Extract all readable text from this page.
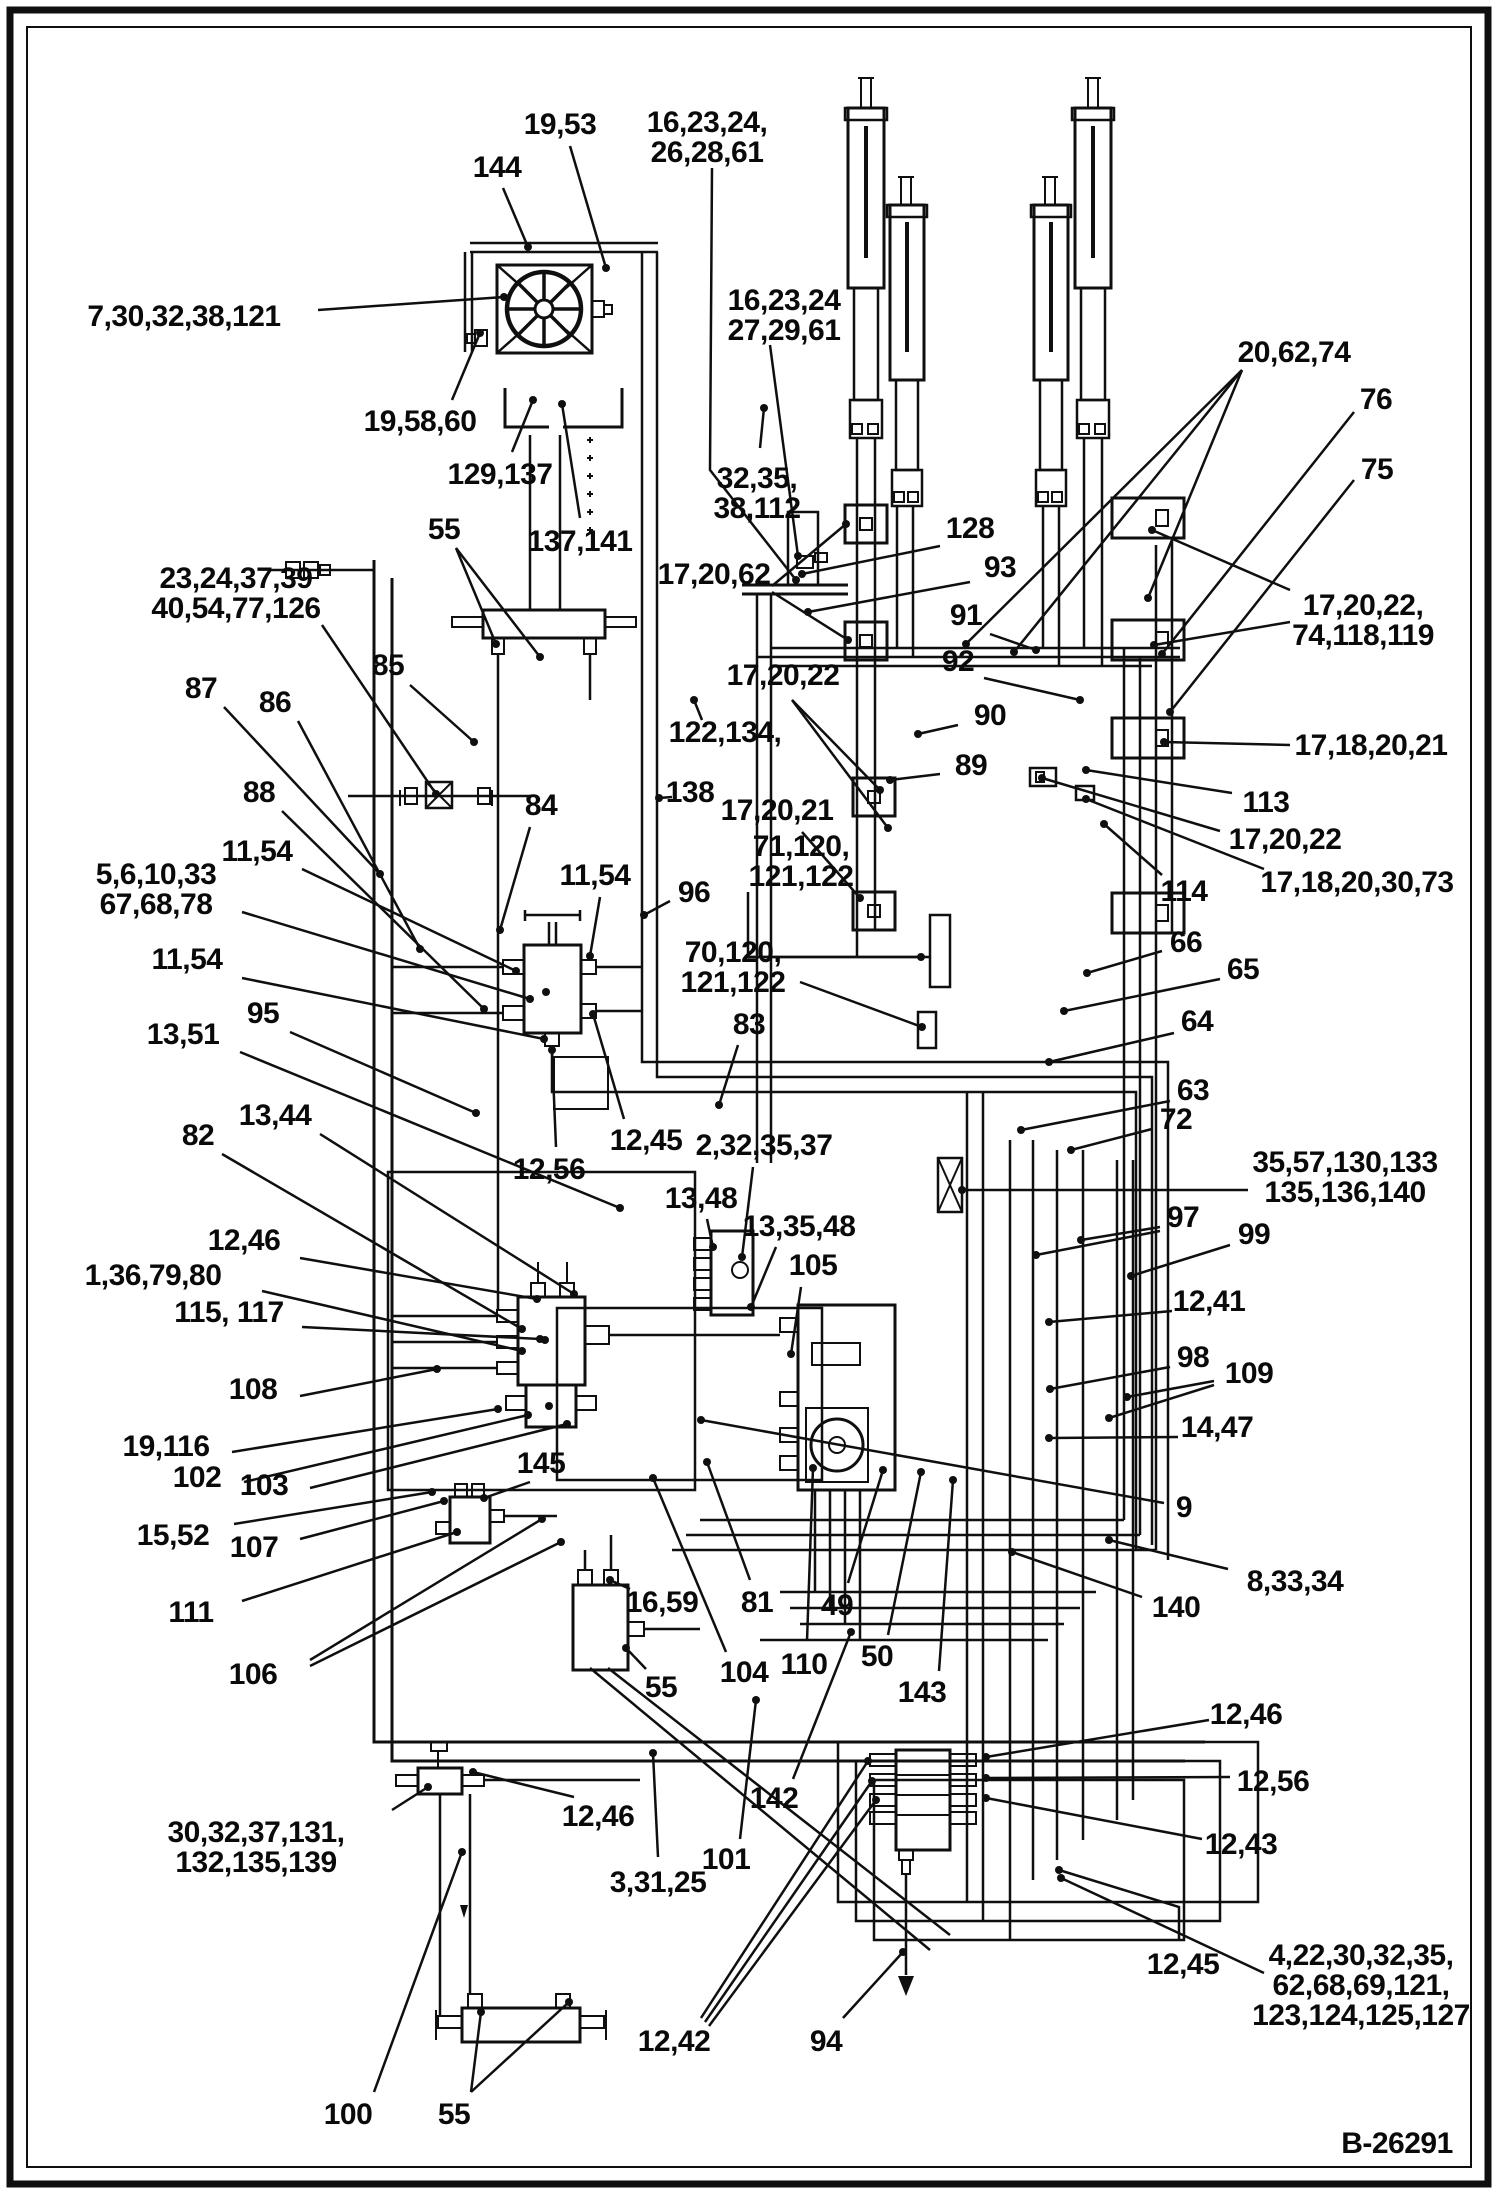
19,53
144
16,23,24, 26,28,61
7,30,32,38,121
19,58,60
129,137
137,141
55
16,23,24 27,29,61
32,35, 38,112
20,62,74
76
75
17,20,62
128
93
91
92
17,20,22, 74,118,119
90
17,18,20,21
89
17,20,22
122,134,
138	113
17,20,22
17,20,21
17,18,20,30,73
114
71,120, 121,122
70,120, 121,122
66
65
64
63
72
23,24,37,39 40,54,77,126
85
87 86
88
11,54
5,6,10,33 67,68,78
11,54
11,54
84
96
83
95
13,51
13,44
82
12,56
12,45 2,32,35,37
13,48
13,35,48
105
35,57,130,133 135,136,140
97
99
12,46
1,36,79,80
115, 117	12,41
98 109
108
14,47
19,116
102 103
9
15,52 107
145
140
8,33,34
111	16,59 81 49
106	104 110 50
143
55
30,32,37,131, 132,135,139
12,46
101
142
3,31,25
100 55
12,42	94
12,46
12,56
12,43
12,45	4,22,30,32,35, 62,68,69,121, 123,124,125,127
B-26291
